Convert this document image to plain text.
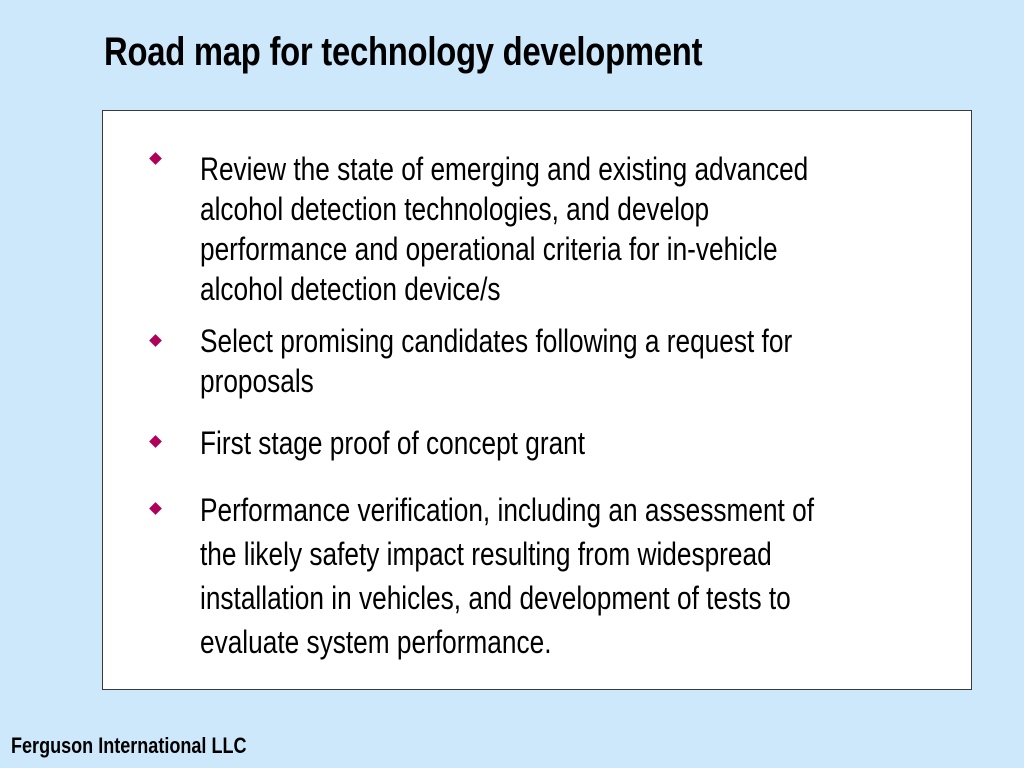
Road map for technology development
Review the state of emerging and existing advanced
alcohol detection technologies, and develop
performance and operational criteria for in-vehicle
alcohol detection device/s
Select promising candidates following a request for
proposals
First stage proof of concept grant
Performance verification, including an assessment of
the likely safety impact resulting from widespread
installation in vehicles, and development of tests to
evaluate system performance.
Ferguson International LLC
